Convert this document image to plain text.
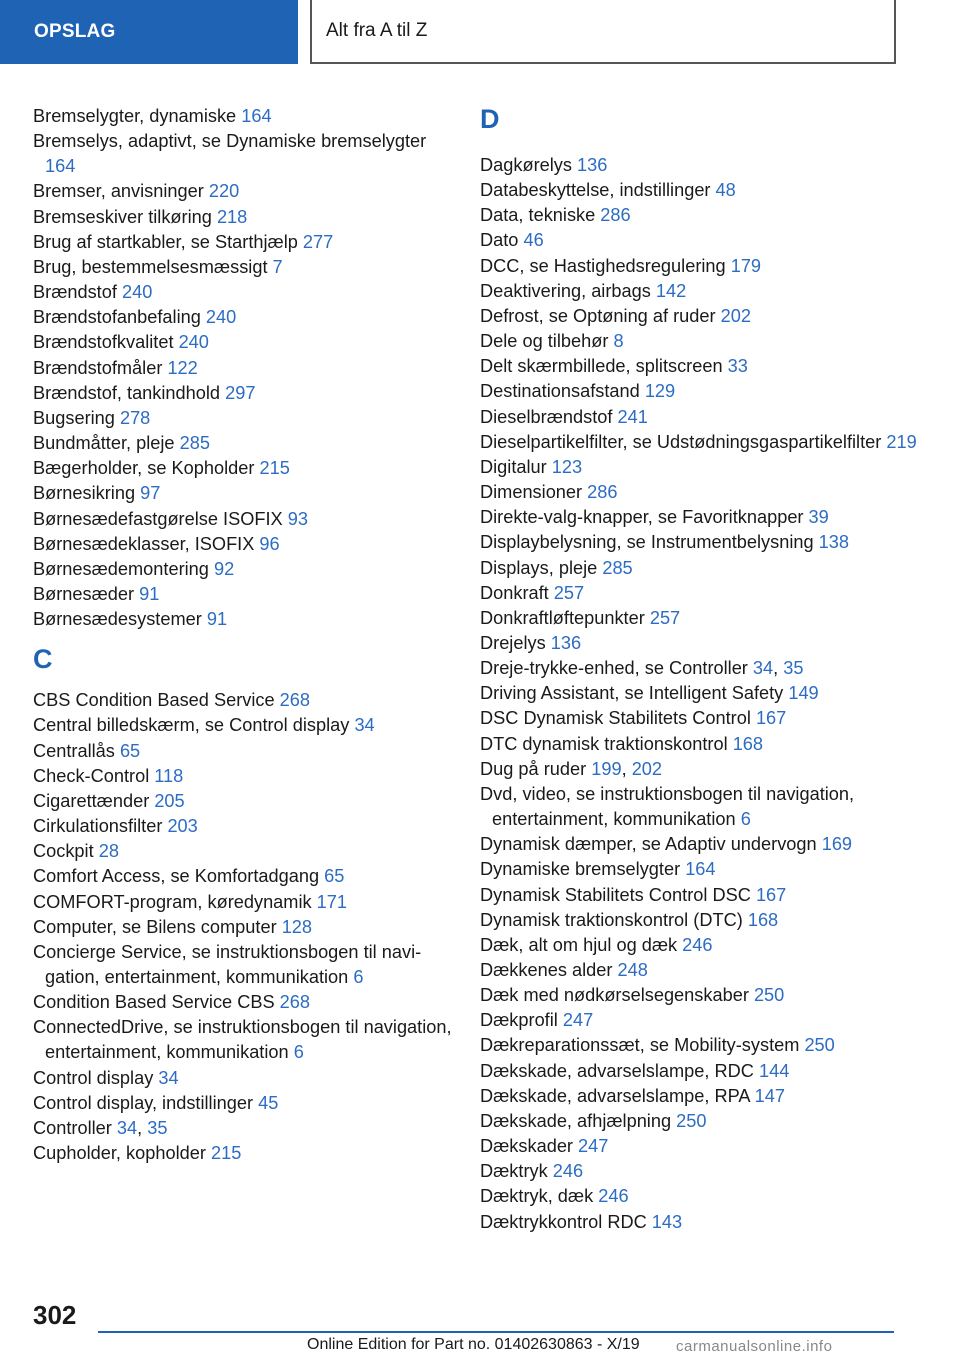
OPSLAG	Alt fra A til Z
Bremselygter, dynamiske 164
Bremselys, adaptivt, se Dynamiske bremselygter 164
Bremser, anvisninger 220
Bremseskiver tilkøring 218
Brug af startkabler, se Starthjælp 277
Brug, bestemmelsesmæssigt 7
Brændstof 240
Brændstofanbefaling 240
Brændstofkvalitet 240
Brændstofmåler 122
Brændstof, tankindhold 297
Bugsering 278
Bundmåtter, pleje 285
Bægerholder, se Kopholder 215
Børnesikring 97
Børnesædefastgørelse ISOFIX 93
Børnesædeklasser, ISOFIX 96
Børnesædemontering 92
Børnesæder 91
Børnesædesystemer 91
C
CBS Condition Based Service 268
Central billedskærm, se Control display 34
Centrallås 65
Check-Control 118
Cigarettænder 205
Cirkulationsfilter 203
Cockpit 28
Comfort Access, se Komfortadgang 65
COMFORT-program, køredynamik 171
Computer, se Bilens computer 128
Concierge Service, se instruktionsbogen til navigation, entertainment, kommunikation 6
Condition Based Service CBS 268
ConnectedDrive, se instruktionsbogen til navigation, entertainment, kommunikation 6
Control display 34
Control display, indstillinger 45
Controller 34, 35
Cupholder, kopholder 215
D
Dagkørelys 136
Databeskyttelse, indstillinger 48
Data, tekniske 286
Dato 46
DCC, se Hastighedsregulering 179
Deaktivering, airbags 142
Defrost, se Optøning af ruder 202
Dele og tilbehør 8
Delt skærmbillede, splitscreen 33
Destinationsafstand 129
Dieselbrændstof 241
Dieselpartikelfilter, se Udstødningsgaspartikelfilter 219
Digitalur 123
Dimensioner 286
Direkte-valg-knapper, se Favoritknapper 39
Displaybelysning, se Instrumentbelysning 138
Displays, pleje 285
Donkraft 257
Donkraftløftepunkter 257
Drejelys 136
Dreje-trykke-enhed, se Controller 34, 35
Driving Assistant, se Intelligent Safety 149
DSC Dynamisk Stabilitets Control 167
DTC dynamisk traktionskontrol 168
Dug på ruder 199, 202
Dvd, video, se instruktionsbogen til navigation, entertainment, kommunikation 6
Dynamisk dæmper, se Adaptiv undervogn 169
Dynamiske bremselygter 164
Dynamisk Stabilitets Control DSC 167
Dynamisk traktionskontrol (DTC) 168
Dæk, alt om hjul og dæk 246
Dækkenes alder 248
Dæk med nødkørselsegenskaber 250
Dækprofil 247
Dækreparationssæt, se Mobility-system 250
Dækskade, advarselslampe, RDC 144
Dækskade, advarselslampe, RPA 147
Dækskade, afhjælpning 250
Dækskader 247
Dæktryk 246
Dæktryk, dæk 246
Dæktrykkontrol RDC 143
302
Online Edition for Part no. 01402630863 - X/19 carmanualsonline.info
